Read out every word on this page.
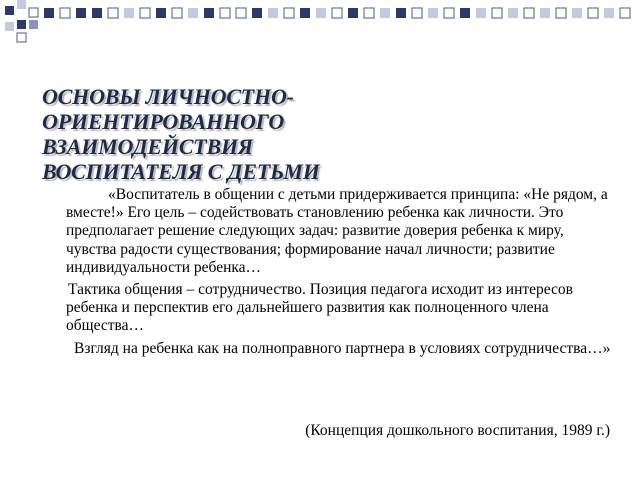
ОСНОВЫ ЛИЧНОСТНО-
ОРИЕНТИРОВАННОГО
ВЗАИМОДЕЙСТВИЯ
ВОСПИТАТЕЛЯ С ДЕТЬМИ

«Воспитатель в общении с детьми придерживается принципа: «Не рядом, а вместе!» Его цель – содействовать становлению ребенка как личности. Это предполагает решение следующих задач: развитие доверия ребенка к миру, чувства радости существования; формирование начал личности; развитие индивидуальности ребенка…

Тактика общения – сотрудничество. Позиция педагога исходит из интересов ребенка и перспектив его дальнейшего развития как полноценного члена общества…

Взгляд на ребенка как на полноправного партнера в условиях сотрудничества…»

(Концепция дошкольного воспитания, 1989 г.)
